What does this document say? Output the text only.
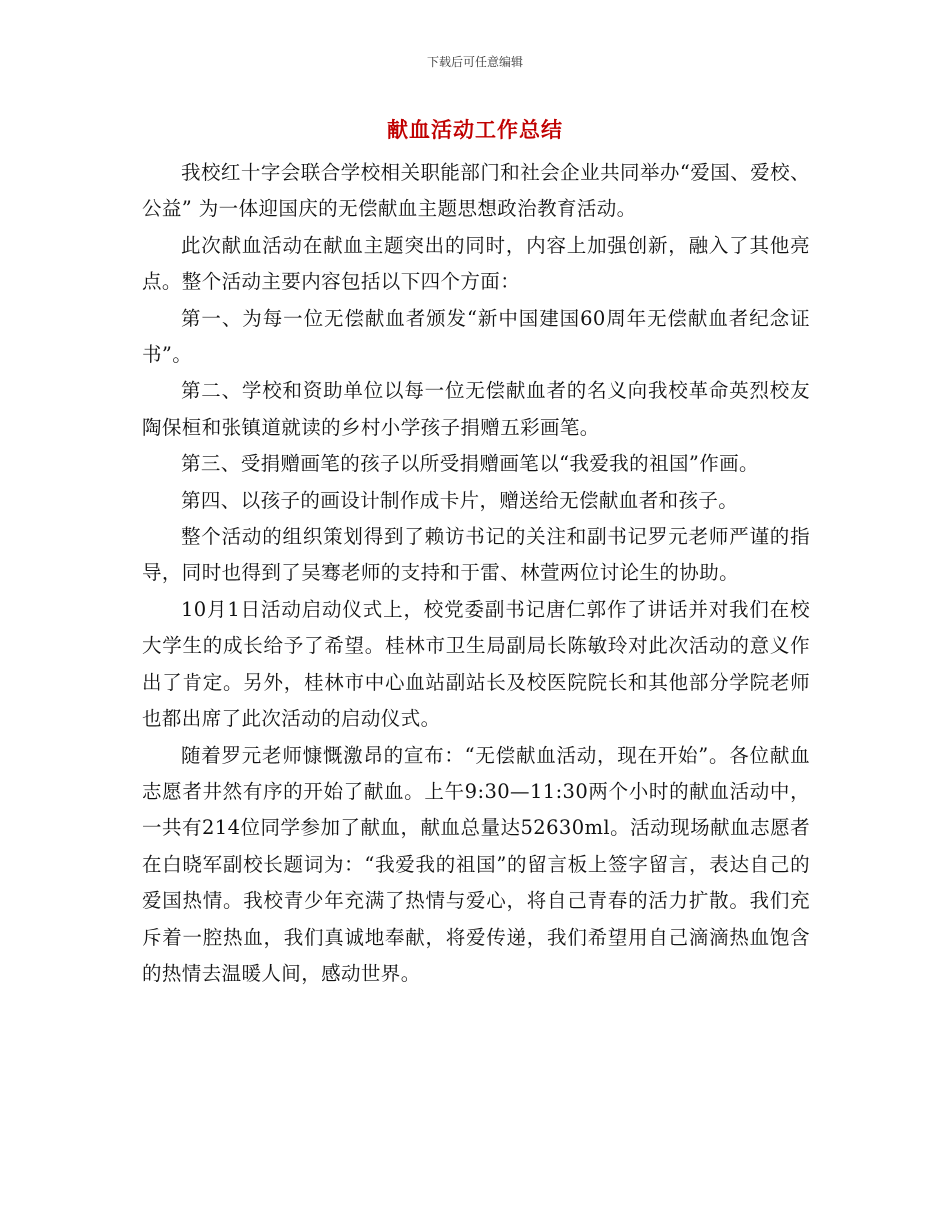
下载后可任意编辑
献血活动工作总结

我校红十字会联合学校相关职能部门和社会企业共同举办“爱国、爱校、公益” 为一体迎国庆的无偿献血主题思想政治教育活动。

此次献血活动在献血主题突出的同时，内容上加强创新，融入了其他亮点。整个活动主要内容包括以下四个方面：

第一、为每一位无偿献血者颁发“新中国建国60周年无偿献血者纪念证书”。

第二、学校和资助单位以每一位无偿献血者的名义向我校革命英烈校友陶保桓和张镇道就读的乡村小学孩子捐赠五彩画笔。

第三、受捐赠画笔的孩子以所受捐赠画笔以“我爱我的祖国”作画。

第四、以孩子的画设计制作成卡片，赠送给无偿献血者和孩子。

整个活动的组织策划得到了赖访书记的关注和副书记罗元老师严谨的指导，同时也得到了吴骞老师的支持和于雷、林萱两位讨论生的协助。

10月1日活动启动仪式上，校党委副书记唐仁郭作了讲话并对我们在校大学生的成长给予了希望。桂林市卫生局副局长陈敏玲对此次活动的意义作出了肯定。另外，桂林市中心血站副站长及校医院院长和其他部分学院老师也都出席了此次活动的启动仪式。

随着罗元老师慷慨激昂的宣布：“无偿献血活动，现在开始”。各位献血志愿者井然有序的开始了献血。上午9:30—11:30两个小时的献血活动中，一共有214位同学参加了献血，献血总量达52630ml。活动现场献血志愿者在白晓军副校长题词为：“我爱我的祖国”的留言板上签字留言，表达自己的爱国热情。我校青少年充满了热情与爱心，将自己青春的活力扩散。我们充斥着一腔热血，我们真诚地奉献，将爱传递，我们希望用自己滴滴热血饱含的热情去温暖人间，感动世界。
